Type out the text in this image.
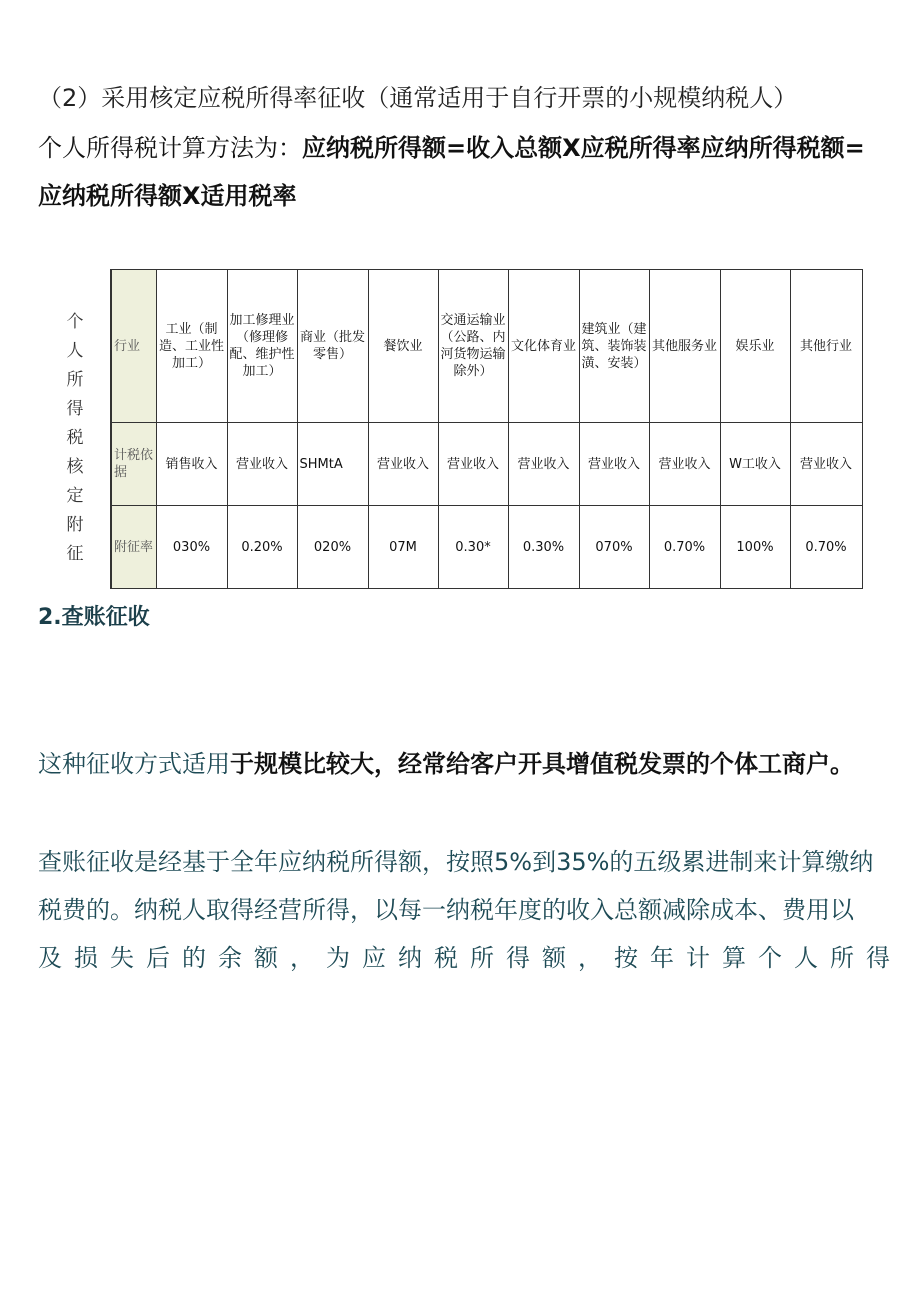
（2）采用核定应税所得率征收（通常适用于自行开票的小规模纳税人）
个人所得税计算方法为：应纳税所得额=收入总额X应税所得率应纳所得税额=
应纳税所得额X适用税率
个
人
所
得
税
核
定
附
征
行业	工业（制造、工业性加工）	加工修理业（修理修配、维护性加工）	商业（批发零售）	餐饮业	交通运输业（公路、内河货物运输除外）	文化体育业	建筑业（建筑、装饰装潢、安装）	其他服务业	娱乐业	其他行业
计税依据	销售收入	营业收入	SHMtA	营业收入	营业收入	营业收入	营业收入	营业收入	W工收入	营业收入
附征率	030%	0.20%	020%	07M	0.30*	0.30%	070%	0.70%	100%	0.70%
2.查账征收
这种征收方式适用于规模比较大，经常给客户开具增值税发票的个体工商户。
查账征收是经基于全年应纳税所得额，按照5%到35%的五级累进制来计算缴纳
税费的。纳税人取得经营所得，以每一纳税年度的收入总额减除成本、费用以
及损失后的余额，为应纳税所得额，按年计算个人所得
